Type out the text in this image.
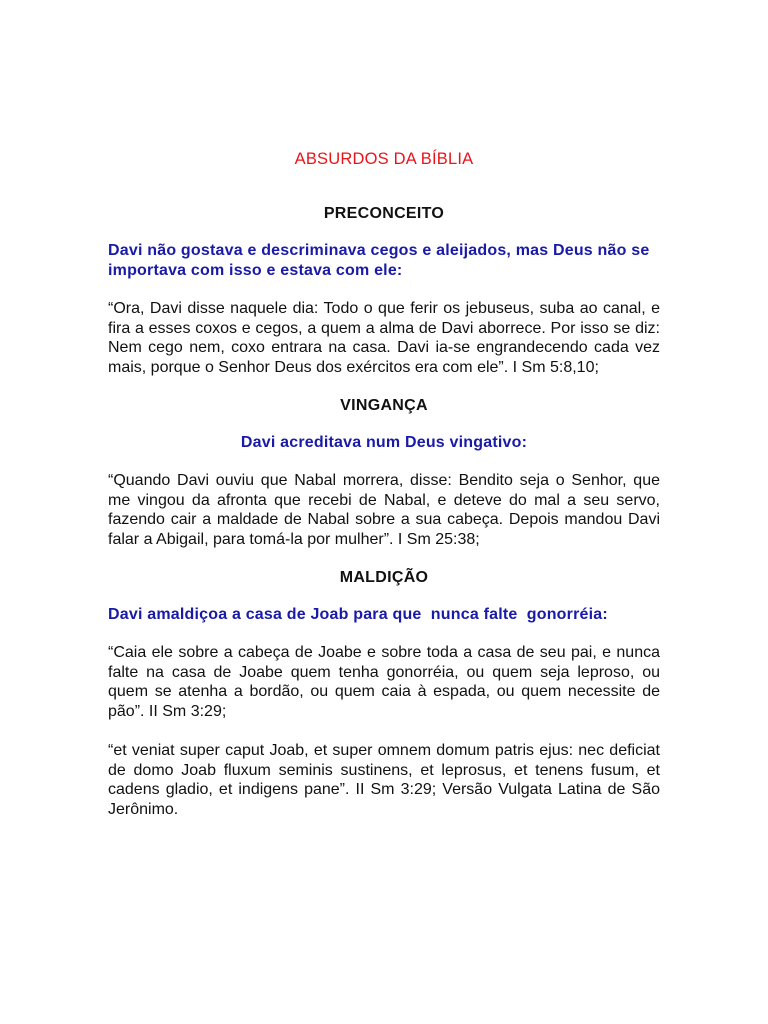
ABSURDOS DA BÍBLIA
PRECONCEITO
Davi não gostava e descriminava cegos e aleijados, mas Deus não se importava com isso e estava com ele:
“Ora, Davi disse naquele dia: Todo o que ferir os jebuseus, suba ao canal, e fira a esses coxos e cegos, a quem a alma de Davi aborrece. Por isso se diz: Nem cego nem, coxo entrara na casa. Davi ia-se engrandecendo cada vez mais, porque o Senhor Deus dos exércitos era com ele”. I Sm 5:8,10;
VINGANÇA
Davi acreditava num Deus vingativo:
“Quando Davi ouviu que Nabal morrera, disse: Bendito seja o Senhor, que me vingou da afronta que recebi de Nabal, e deteve do mal a seu servo, fazendo cair a maldade de Nabal sobre a sua cabeça. Depois mandou Davi falar a Abigail, para tomá-la por mulher”. I Sm 25:38;
MALDIÇÃO
Davi amaldiçoa a casa de Joab para que  nunca falte  gonorréia:
“Caia ele sobre a cabeça de Joabe e sobre toda a casa de seu pai, e nunca falte na casa de Joabe quem tenha gonorréia, ou quem seja leproso, ou quem se atenha a bordão, ou quem caia à espada, ou quem necessite de pão”. II Sm 3:29;
“et veniat super caput Joab, et super omnem domum patris ejus: nec deficiat de domo Joab fluxum seminis sustinens, et leprosus, et tenens fusum, et cadens gladio, et indigens pane”. II Sm 3:29; Versão Vulgata Latina de São Jerônimo.
